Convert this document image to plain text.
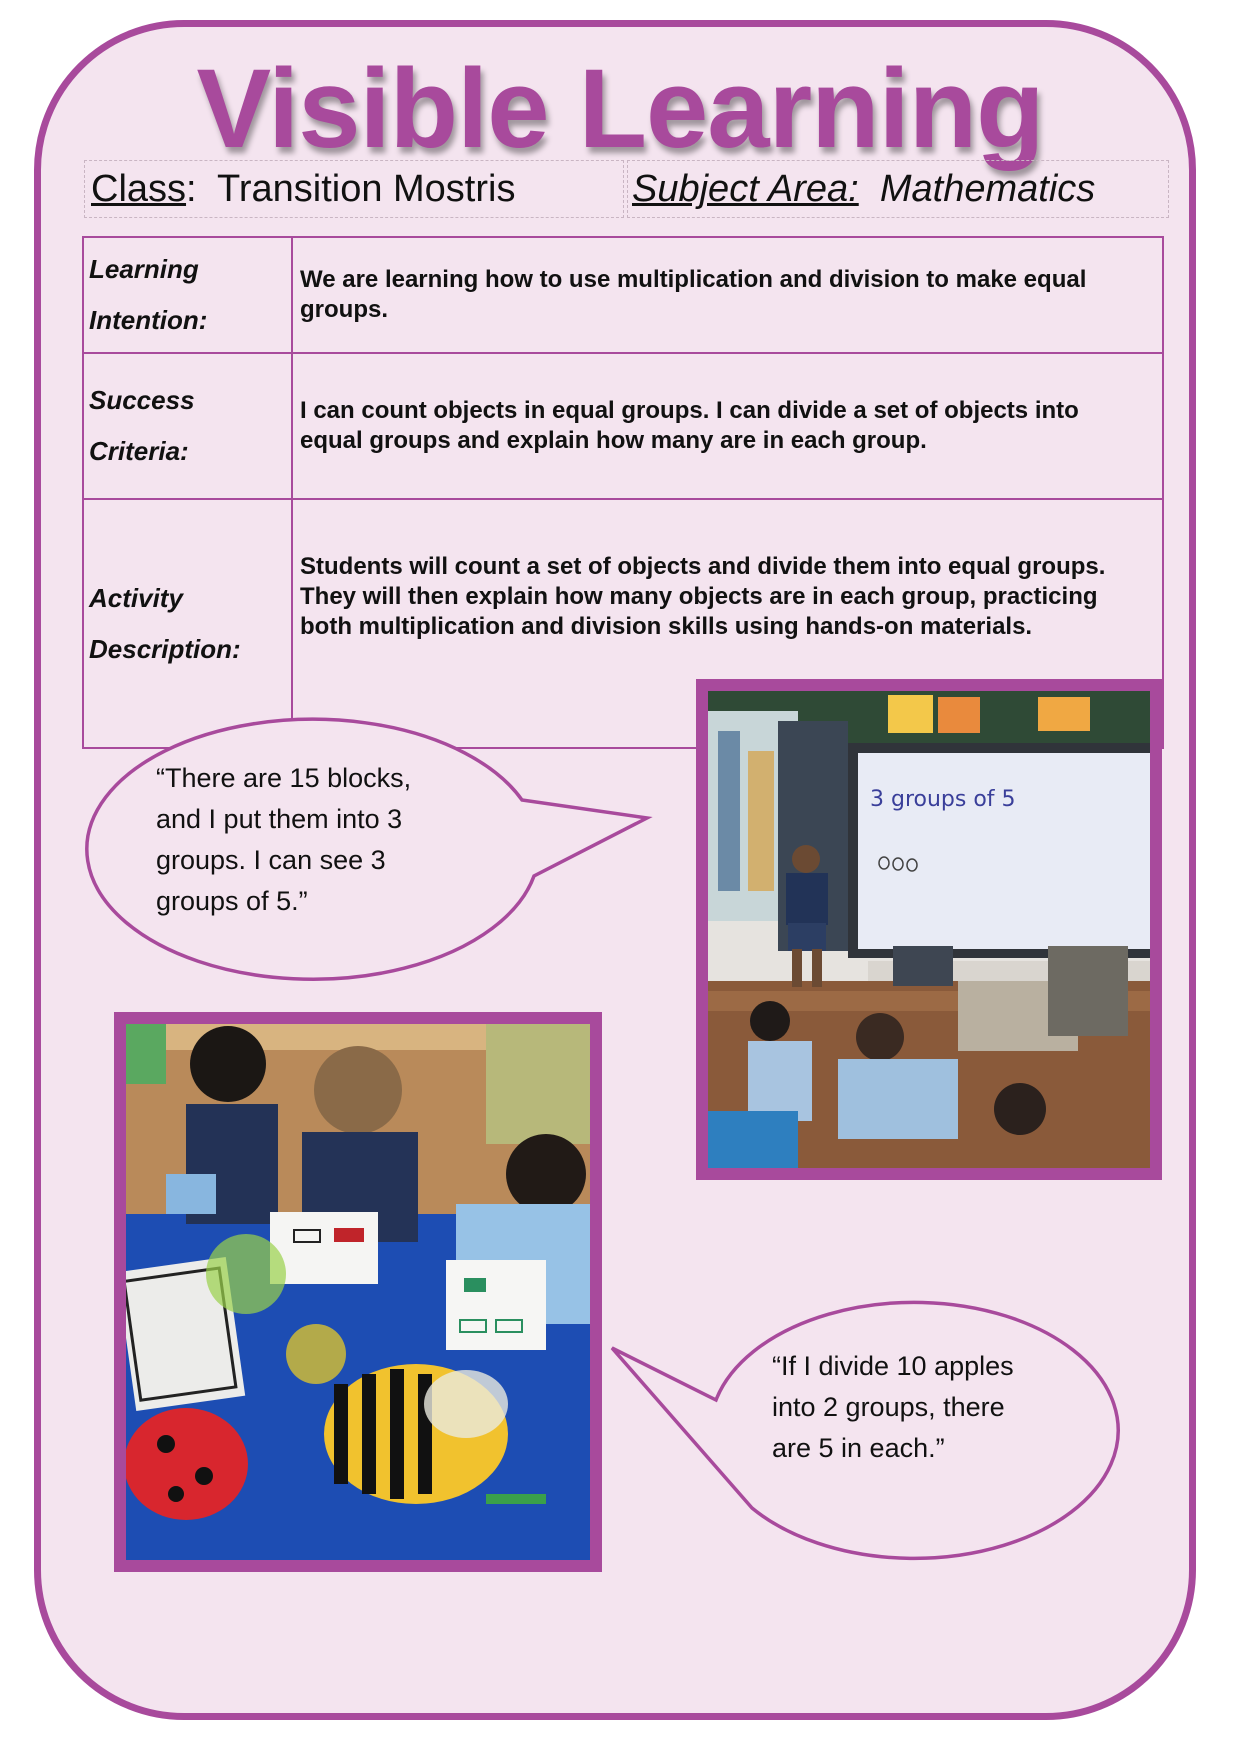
Visible Learning
Class:  Transition Mostris	Subject Area: Mathematics
Learning
Intention:	We are learning how to use multiplication and division to make equal groups.
Success
Criteria:	I can count objects in equal groups. I can divide a set of objects into equal groups and explain how many are in each group.
Activity
Description:	Students will count a set of objects and divide them into equal groups. They will then explain how many objects are in each group, practicing both multiplication and division skills using hands-on materials.
“There are 15 blocks,
and I put them into 3
groups. I can see 3
groups of 5.”
3 groups of 5
“If I divide 10 apples
into 2 groups, there
are 5 in each.”
